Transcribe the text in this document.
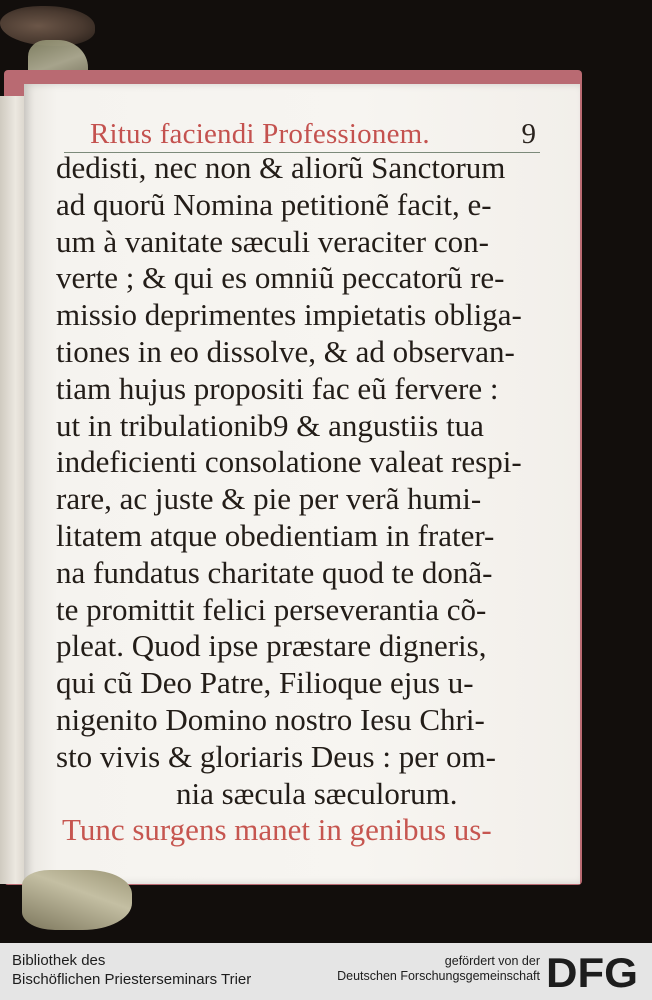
Ritus faciendi Professionem.	9
dedisti, nec non & aliorũ Sanctorum
ad quorũ Nomina petitionẽ facit, e-
um à vanitate sæculi veraciter con-
verte ; & qui es omniũ peccatorũ re-
missio deprimentes impietatis obliga-
tiones in eo dissolve, & ad observan-
tiam hujus propositi fac eũ fervere :
ut in tribulationib9 & angustiis tua
indeficienti consolatione valeat respi-
rare, ac juste & pie per verã humi-
litatem atque obedientiam in frater-
na fundatus charitate quod te donã-
te promittit felici perseverantia cõ-
pleat. Quod ipse præstare digneris,
qui cũ Deo Patre, Filioque ejus u-
nigenito Domino nostro Iesu Chri-
sto vivis & gloriaris Deus : per om-
nia sæcula sæculorum.
Tunc surgens manet in genibus us-
Bibliothek des
Bischöflichen Priesterseminars Trier
gefördert von der
Deutschen Forschungsgemeinschaft DFG
